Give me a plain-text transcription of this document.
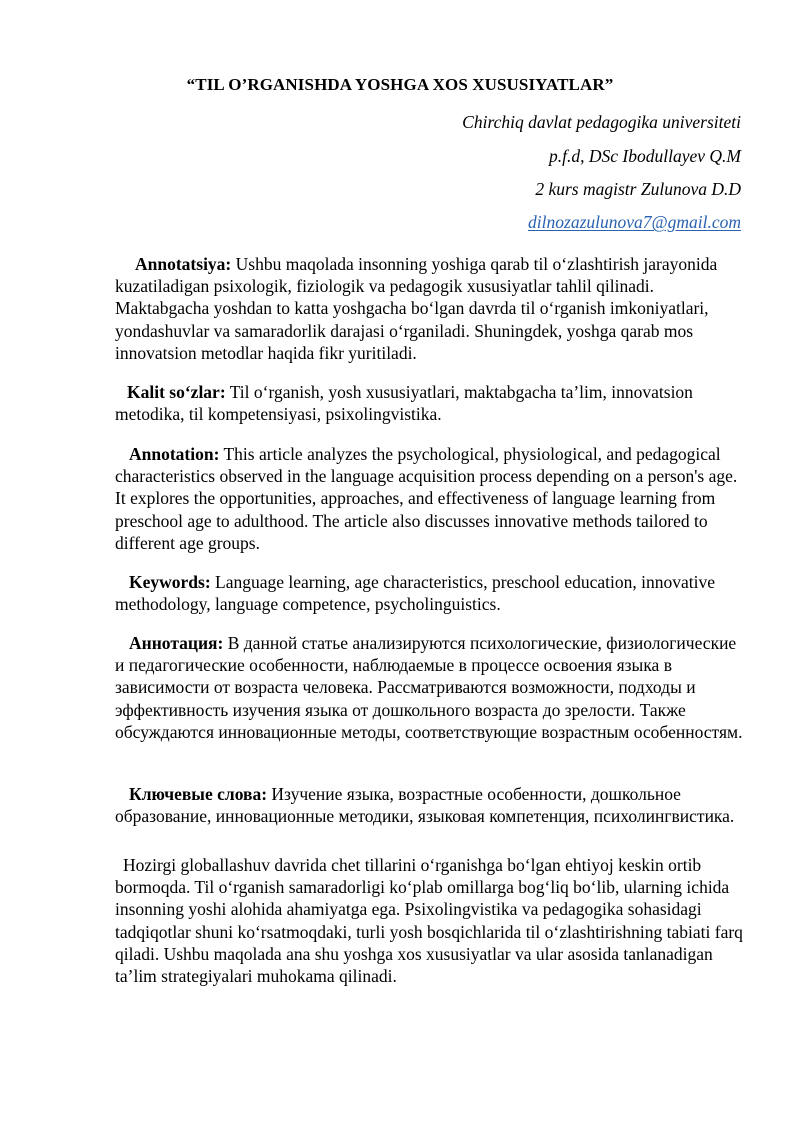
“TIL O’RGANISHDA YOSHGA XOS XUSUSIYATLAR”
Chirchiq davlat pedagogika universiteti
p.f.d, DSc Ibodullayev Q.M
2 kurs magistr Zulunova D.D
dilnozazulunova7@gmail.com

Annotatsiya: Ushbu maqolada insonning yoshiga qarab til o‘zlashtirish jarayonida kuzatiladigan psixologik, fiziologik va pedagogik xususiyatlar tahlil qilinadi. Maktabgacha yoshdan to katta yoshgacha bo‘lgan davrda til o‘rganish imkoniyatlari, yondashuvlar va samaradorlik darajasi o‘rganiladi. Shuningdek, yoshga qarab mos innovatsion metodlar haqida fikr yuritiladi.

Kalit so‘zlar: Til o‘rganish, yosh xususiyatlari, maktabgacha ta’lim, innovatsion metodika, til kompetensiyasi, psixolingvistika.

Annotation: This article analyzes the psychological, physiological, and pedagogical characteristics observed in the language acquisition process depending on a person's age. It explores the opportunities, approaches, and effectiveness of language learning from preschool age to adulthood. The article also discusses innovative methods tailored to different age groups.

Keywords: Language learning, age characteristics, preschool education, innovative methodology, language competence, psycholinguistics.

Аннотация: В данной статье анализируются психологические, физиологические и педагогические особенности, наблюдаемые в процессе освоения языка в зависимости от возраста человека. Рассматриваются возможности, подходы и эффективность изучения языка от дошкольного возраста до зрелости. Также обсуждаются инновационные методы, соответствующие возрастным особенностям.

Ключевые слова: Изучение языка, возрастные особенности, дошкольное образование, инновационные методики, языковая компетенция, психолингвистика.

Hozirgi globallashuv davrida chet tillarini o‘rganishga bo‘lgan ehtiyoj keskin ortib bormoqda. Til o‘rganish samaradorligi ko‘plab omillarga bog‘liq bo‘lib, ularning ichida insonning yoshi alohida ahamiyatga ega. Psixolingvistika va pedagogika sohasidagi tadqiqotlar shuni ko‘rsatmoqdaki, turli yosh bosqichlarida til o‘zlashtirishning tabiati farq qiladi. Ushbu maqolada ana shu yoshga xos xususiyatlar va ular asosida tanlanadigan ta’lim strategiyalari muhokama qilinadi.
